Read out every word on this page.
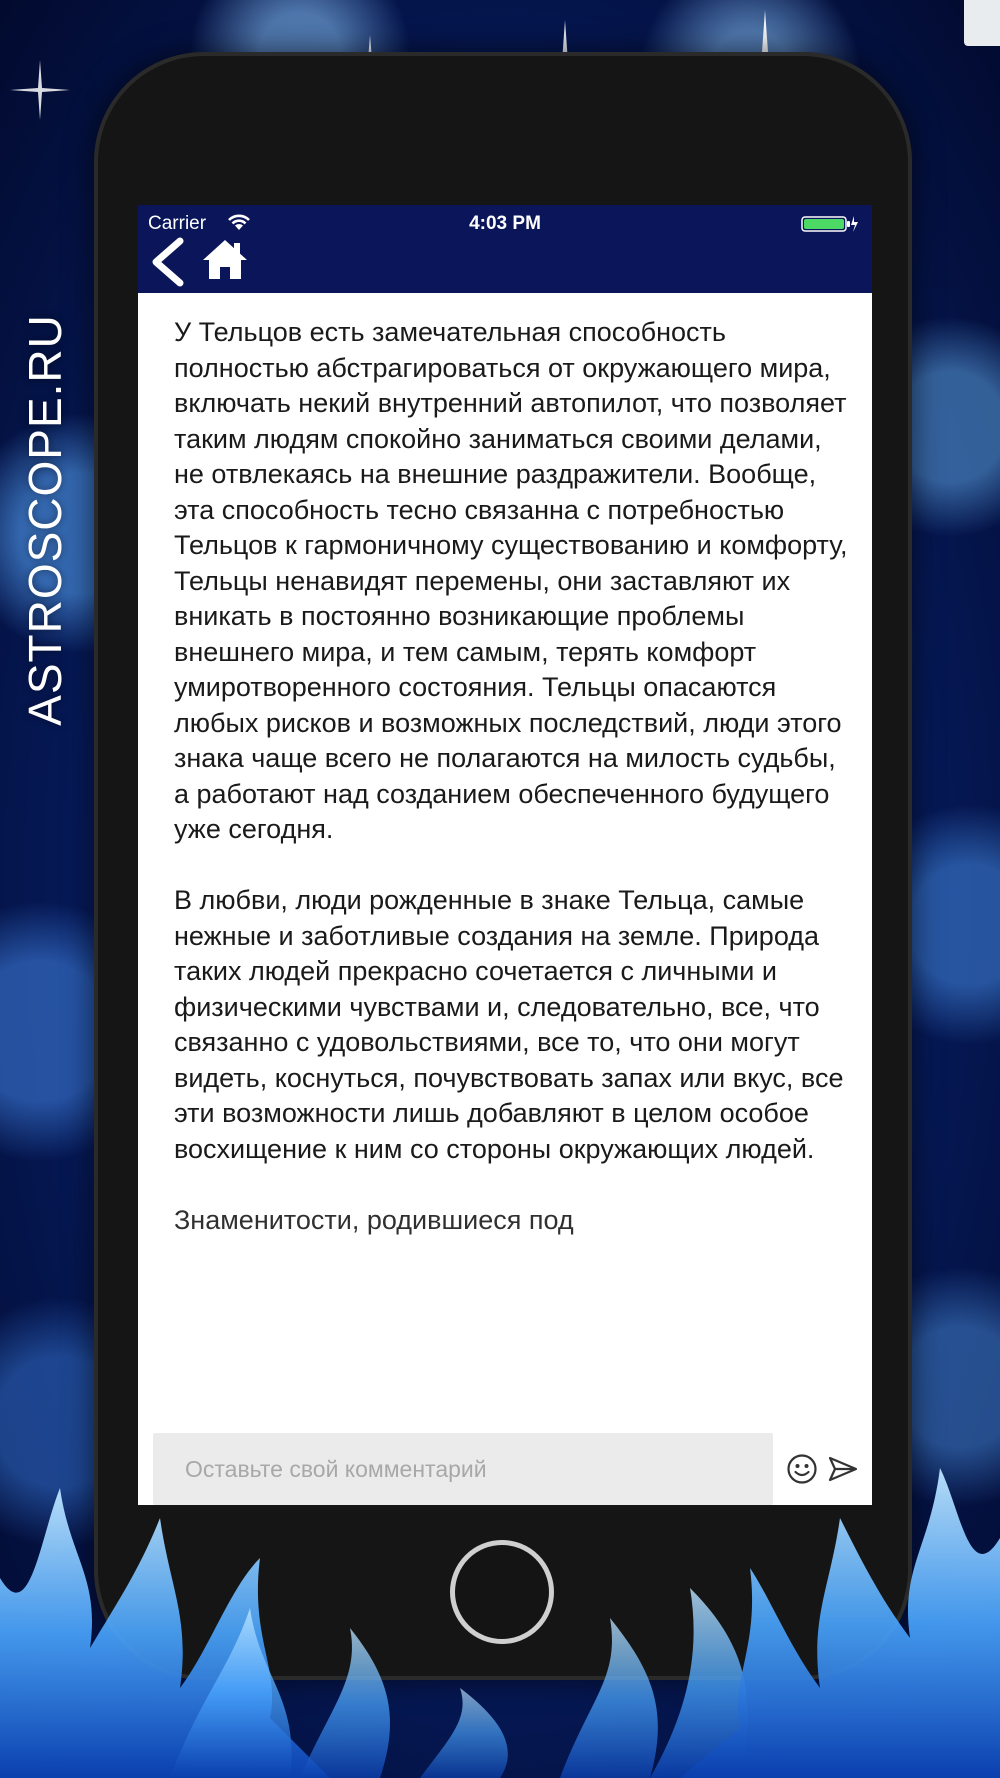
ASTROSCOPE.RU
Carrier	4:03 PM

У Тельцов есть замечательная способность полностью абстрагироваться от окружающего мира, включать некий внутренний автопилот, что позволяет таким людям спокойно заниматься своими делами, не отвлекаясь на внешние раздражители. Вообще, эта способность тесно связанна с потребностью Тельцов к гармоничному существованию и комфорту, Тельцы ненавидят перемены, они заставляют их вникать в постоянно возникающие проблемы внешнего мира, и тем самым, терять комфорт умиротворенного состояния. Тельцы опасаются любых рисков и возможных последствий, люди этого знака чаще всего не полагаются на милость судьбы, а работают над созданием обеспеченного будущего уже сегодня.

В любви, люди рожденные в знаке Тельца, самые нежные и заботливые создания на земле. Природа таких людей прекрасно сочетается с личными и физическими чувствами и, следовательно, все, что связанно с удовольствиями, все то, что они могут видеть, коснуться, почувствовать запах или вкус, все эти возможности лишь добавляют в целом особое восхищение к ним со стороны окружающих людей.

Знаменитости, родившиеся под

Оставьте свой комментарий
